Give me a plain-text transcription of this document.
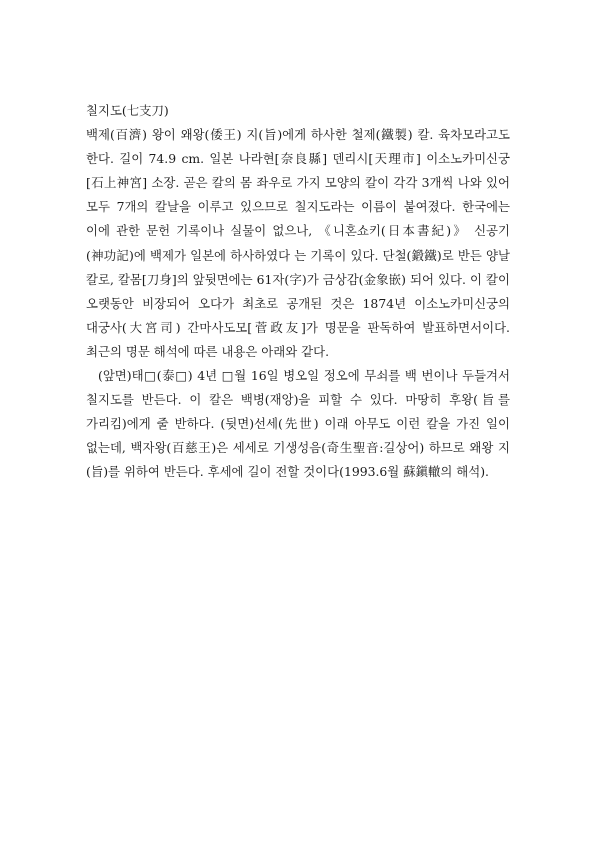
칠지도(七支刀)

백제(百濟) 왕이 왜왕(倭王) 지(旨)에게 하사한 철제(鐵製) 칼. 육차모라고도 한다. 길이 74.9 cm. 일본 나라현[奈良縣] 덴리시[天理市] 이소노카미신궁[石上神宮] 소장. 곧은 칼의 몸 좌우로 가지 모양의 칼이 각각 3개씩 나와 있어 모두 7개의 칼날을 이루고 있으므로 칠지도라는 이름이 붙여졌다. 한국에는 이에 관한 문헌 기록이나 실물이 없으나, 《니혼쇼키(日本書紀)》 신공기(神功記)에 백제가 일본에 하사하였다 는 기록이 있다. 단철(鍛鐵)로 반든 양날 칼로, 칼몸[刀身]의 앞뒷면에는 61자(字)가 금상감(金象嵌) 되어 있다. 이 칼이 오랫동안 비장되어 오다가 최초로 공개된 것은 1874년 이소노카미신궁의 대궁사(大宮司) 간마사도모[菅政友]가 명문을 판독하여 발표하면서이다. 최근의 명문 해석에 따른 내용은 아래와 같다.

(앞면)태□(泰□) 4년 □월 16일 병오일 정오에 무쇠를 백 번이나 두들겨서 칠지도를 반든다. 이 칼은 백병(재앙)을 피할 수 있다. 마땅히 후왕(旨를 가리킴)에게 줄 반하다. (뒷면)선세(先世) 이래 아무도 이런 칼을 가진 일이 없는데, 백자왕(百慈王)은 세세로 기생성음(奇生聖音:길상어) 하므로 왜왕 지(旨)를 위하여 반든다. 후세에 길이 전할 것이다(1993.6월 蘇鎭轍의 해석).
